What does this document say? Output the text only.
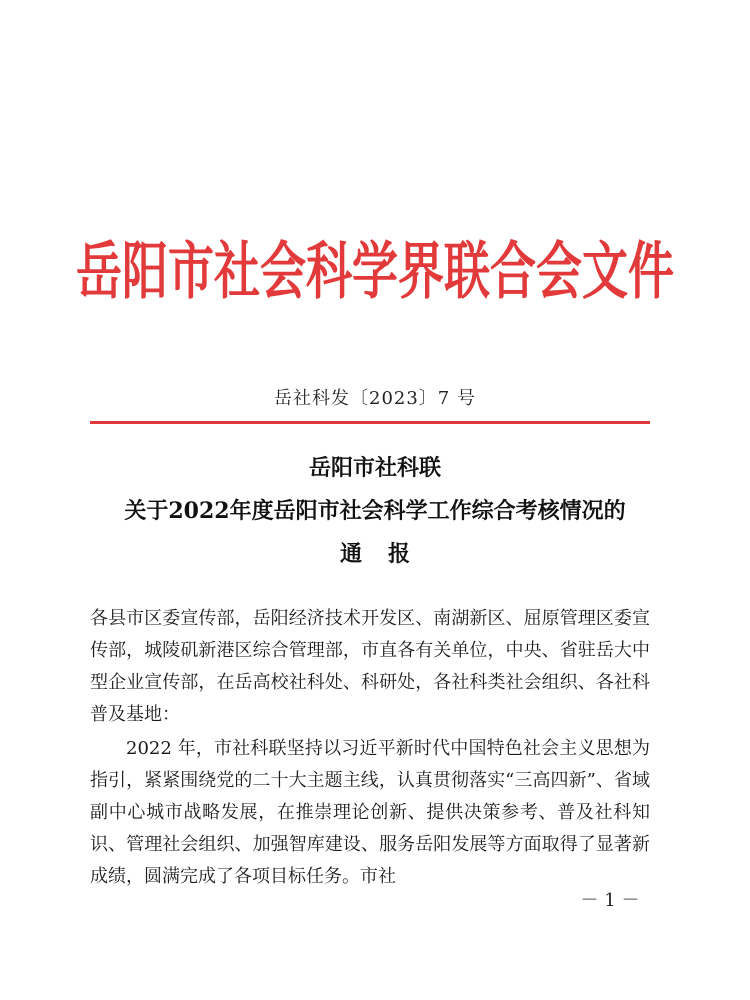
岳阳市社会科学界联合会文件
岳社科发〔2023〕7 号
岳阳市社科联
关于2022年度岳阳市社会科学工作综合考核情况的
通报
各县市区委宣传部，岳阳经济技术开发区、南湖新区、屈原管理区委宣传部，城陵矶新港区综合管理部，市直各有关单位，中央、省驻岳大中型企业宣传部，在岳高校社科处、科研处，各社科类社会组织、各社科普及基地：
2022 年，市社科联坚持以习近平新时代中国特色社会主义思想为指引，紧紧围绕党的二十大主题主线，认真贯彻落实“三高四新”、省域副中心城市战略发展，在推崇理论创新、提供决策参考、普及社科知识、管理社会组织、加强智库建设、服务岳阳发展等方面取得了显著新成绩，圆满完成了各项目标任务。市社
－ 1 －
